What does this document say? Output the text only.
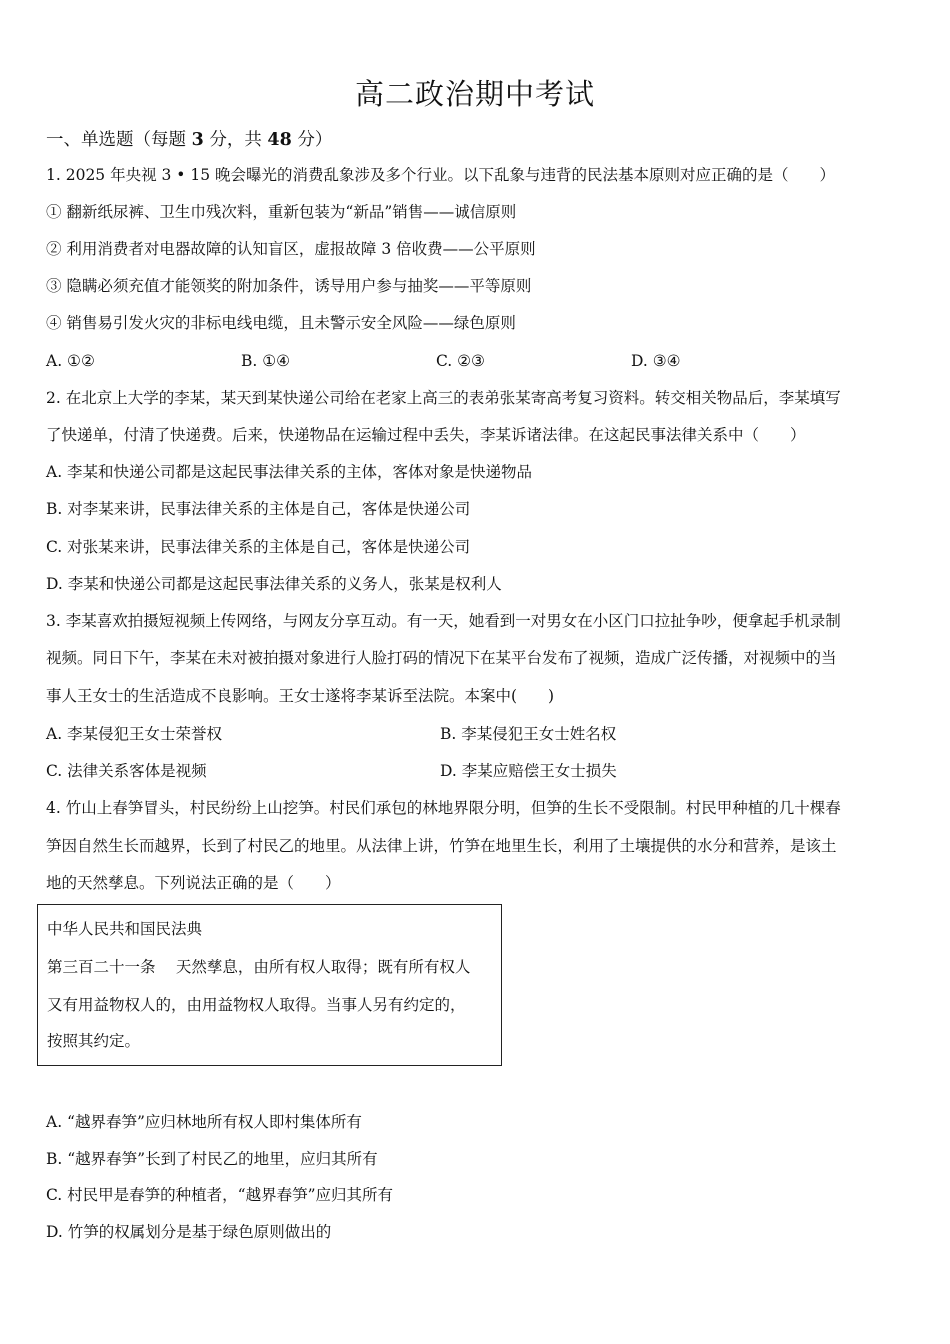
高二政治期中考试
一、单选题（每题 3 分，共 48 分）
1. 2025 年央视 3 • 15 晚会曝光的消费乱象涉及多个行业。以下乱象与违背的民法基本原则对应正确的是（　　）
① 翻新纸尿裤、卫生巾残次料，重新包装为“新品”销售——诚信原则
② 利用消费者对电器故障的认知盲区，虚报故障 3 倍收费——公平原则
③ 隐瞒必须充值才能领奖的附加条件，诱导用户参与抽奖——平等原则
④ 销售易引发火灾的非标电线电缆，且未警示安全风险——绿色原则
A. ①②	B. ①④	C. ②③	D. ③④
2. 在北京上大学的李某，某天到某快递公司给在老家上高三的表弟张某寄高考复习资料。转交相关物品后，李某填写
了快递单，付清了快递费。后来，快递物品在运输过程中丢失，李某诉诸法律。在这起民事法律关系中（　　）
A. 李某和快递公司都是这起民事法律关系的主体，客体对象是快递物品
B. 对李某来讲，民事法律关系的主体是自己，客体是快递公司
C. 对张某来讲，民事法律关系的主体是自己，客体是快递公司
D. 李某和快递公司都是这起民事法律关系的义务人，张某是权利人
3. 李某喜欢拍摄短视频上传网络，与网友分享互动。有一天，她看到一对男女在小区门口拉扯争吵，便拿起手机录制
视频。同日下午，李某在未对被拍摄对象进行人脸打码的情况下在某平台发布了视频，造成广泛传播，对视频中的当
事人王女士的生活造成不良影响。王女士遂将李某诉至法院。本案中(　　)
A. 李某侵犯王女士荣誉权	B. 李某侵犯王女士姓名权
C. 法律关系客体是视频	D. 李某应赔偿王女士损失
4. 竹山上春笋冒头，村民纷纷上山挖笋。村民们承包的林地界限分明，但笋的生长不受限制。村民甲种植的几十棵春
笋因自然生长而越界，长到了村民乙的地里。从法律上讲，竹笋在地里生长，利用了土壤提供的水分和营养，是该土
地的天然孳息。下列说法正确的是（　　）
中华人民共和国民法典
第三百二十一条　 天然孳息，由所有权人取得；既有所有权人
又有用益物权人的，由用益物权人取得。当事人另有约定的，
按照其约定。
A. “越界春笋”应归林地所有权人即村集体所有
B. “越界春笋”长到了村民乙的地里，应归其所有
C. 村民甲是春笋的种植者，“越界春笋”应归其所有
D. 竹笋的权属划分是基于绿色原则做出的
